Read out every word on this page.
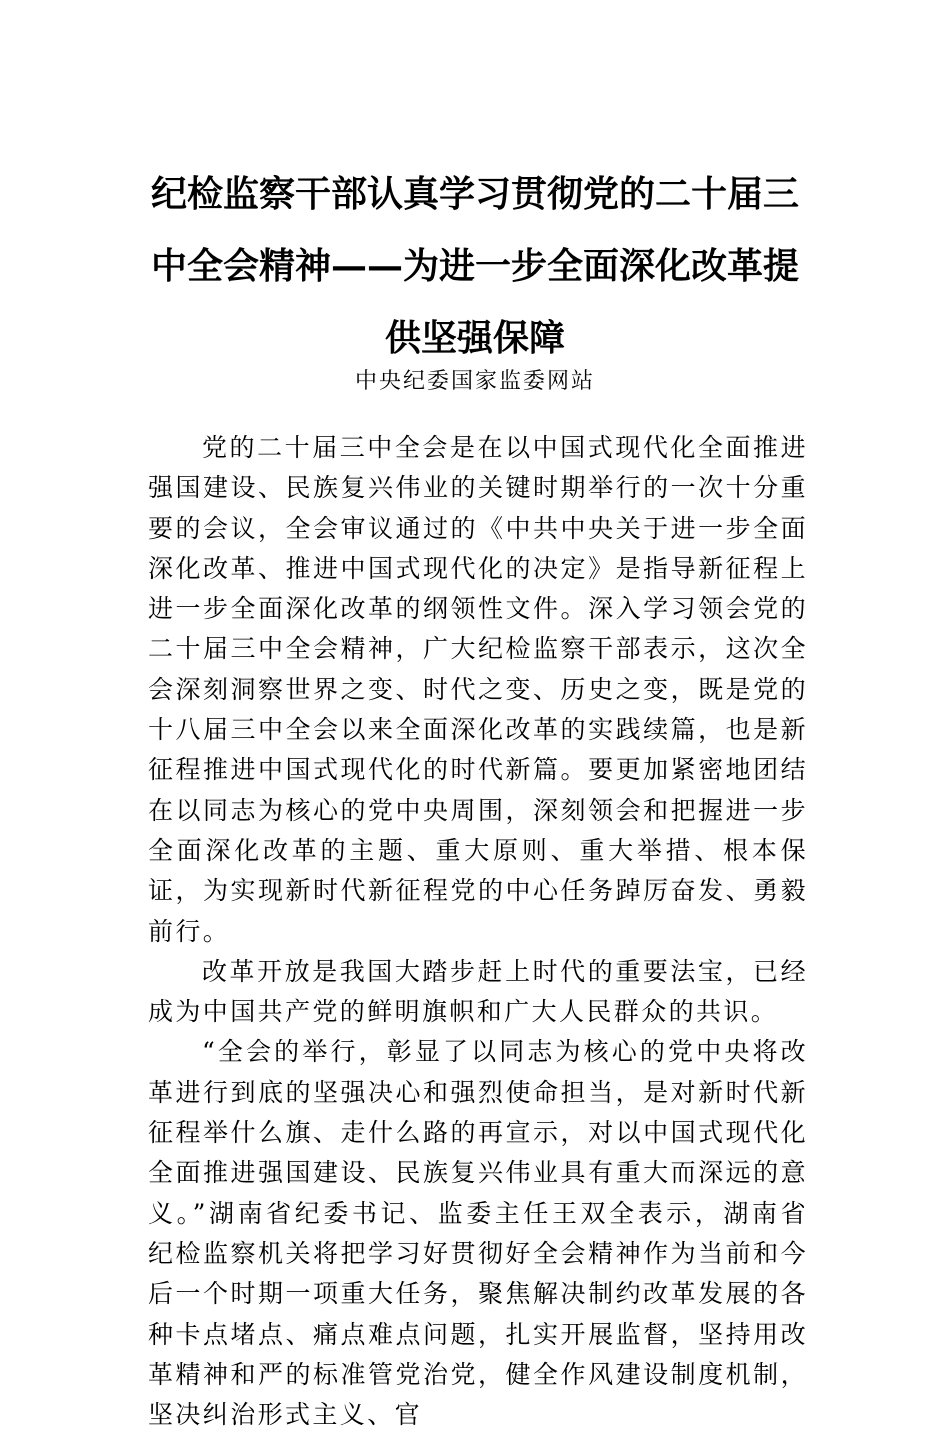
纪检监察干部认真学习贯彻党的二十届三中全会精神——为进一步全面深化改革提供坚强保障
中央纪委国家监委网站

党的二十届三中全会是在以中国式现代化全面推进强国建设、民族复兴伟业的关键时期举行的一次十分重要的会议，全会审议通过的《中共中央关于进一步全面深化改革、推进中国式现代化的决定》是指导新征程上进一步全面深化改革的纲领性文件。深入学习领会党的二十届三中全会精神，广大纪检监察干部表示，这次全会深刻洞察世界之变、时代之变、历史之变，既是党的十八届三中全会以来全面深化改革的实践续篇，也是新征程推进中国式现代化的时代新篇。要更加紧密地团结在以同志为核心的党中央周围，深刻领会和把握进一步全面深化改革的主题、重大原则、重大举措、根本保证，为实现新时代新征程党的中心任务踔厉奋发、勇毅前行。

改革开放是我国大踏步赶上时代的重要法宝，已经成为中国共产党的鲜明旗帜和广大人民群众的共识。

“全会的举行，彰显了以同志为核心的党中央将改革进行到底的坚强决心和强烈使命担当，是对新时代新征程举什么旗、走什么路的再宣示，对以中国式现代化全面推进强国建设、民族复兴伟业具有重大而深远的意义。”湖南省纪委书记、监委主任王双全表示，湖南省纪检监察机关将把学习好贯彻好全会精神作为当前和今后一个时期一项重大任务，聚焦解决制约改革发展的各种卡点堵点、痛点难点问题，扎实开展监督，坚持用改革精神和严的标准管党治党，健全作风建设制度机制，坚决纠治形式主义、官
